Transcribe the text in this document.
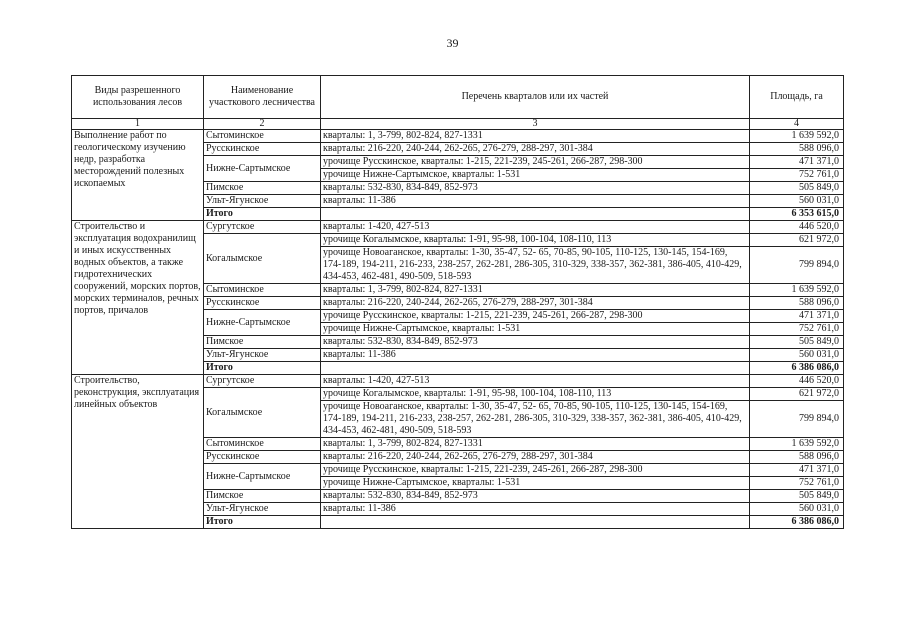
39
Виды разрешенного использования лесов	Наименование участкового лесничества	Перечень кварталов или их частей	Площадь, га
1	2	3	4
Выполнение работ по геологическому изучению недр, разработка месторождений полезных ископаемых	Сытоминское	кварталы: 1, 3-799, 802-824, 827-1331	1 639 592,0
	Русскинское	кварталы: 216-220, 240-244, 262-265, 276-279, 288-297, 301-384	588 096,0
	Нижне-Сартымское	урочище Русскинское, кварталы: 1-215, 221-239, 245-261, 266-287, 298-300	471 371,0
		урочище Нижне-Сартымское, кварталы: 1-531	752 761,0
	Пимское	кварталы: 532-830, 834-849, 852-973	505 849,0
	Ульт-Ягунское	кварталы: 11-386	560 031,0
	Итого		6 353 615,0
Строительство и эксплуатация водохранилищ и иных искусственных водных объектов, а также гидротехнических сооружений, морских портов, морских терминалов, речных портов, причалов	Сургутское	кварталы: 1-420, 427-513	446 520,0
	Когалымское	урочище Когалымское, кварталы: 1-91, 95-98, 100-104, 108-110, 113	621 972,0
		урочище Новоаганское, кварталы: 1-30, 35-47, 52- 65, 70-85, 90-105, 110-125, 130-145, 154-169, 174-189, 194-211, 216-233, 238-257, 262-281, 286-305, 310-329, 338-357, 362-381, 386-405, 410-429, 434-453, 462-481, 490-509, 518-593	799 894,0
	Сытоминское	кварталы: 1, 3-799, 802-824, 827-1331	1 639 592,0
	Русскинское	кварталы: 216-220, 240-244, 262-265, 276-279, 288-297, 301-384	588 096,0
	Нижне-Сартымское	урочище Русскинское, кварталы: 1-215, 221-239, 245-261, 266-287, 298-300	471 371,0
		урочище Нижне-Сартымское, кварталы: 1-531	752 761,0
	Пимское	кварталы: 532-830, 834-849, 852-973	505 849,0
	Ульт-Ягунское	кварталы: 11-386	560 031,0
	Итого		6 386 086,0
Строительство, реконструкция, эксплуатация линейных объектов	Сургутское	кварталы: 1-420, 427-513	446 520,0
	Когалымское	урочище Когалымское, кварталы: 1-91, 95-98, 100-104, 108-110, 113	621 972,0
		урочище Новоаганское, кварталы: 1-30, 35-47, 52- 65, 70-85, 90-105, 110-125, 130-145, 154-169, 174-189, 194-211, 216-233, 238-257, 262-281, 286-305, 310-329, 338-357, 362-381, 386-405, 410-429, 434-453, 462-481, 490-509, 518-593	799 894,0
	Сытоминское	кварталы: 1, 3-799, 802-824, 827-1331	1 639 592,0
	Русскинское	кварталы: 216-220, 240-244, 262-265, 276-279, 288-297, 301-384	588 096,0
	Нижне-Сартымское	урочище Русскинское, кварталы: 1-215, 221-239, 245-261, 266-287, 298-300	471 371,0
		урочище Нижне-Сартымское, кварталы: 1-531	752 761,0
	Пимское	кварталы: 532-830, 834-849, 852-973	505 849,0
	Ульт-Ягунское	кварталы: 11-386	560 031,0
	Итого		6 386 086,0
